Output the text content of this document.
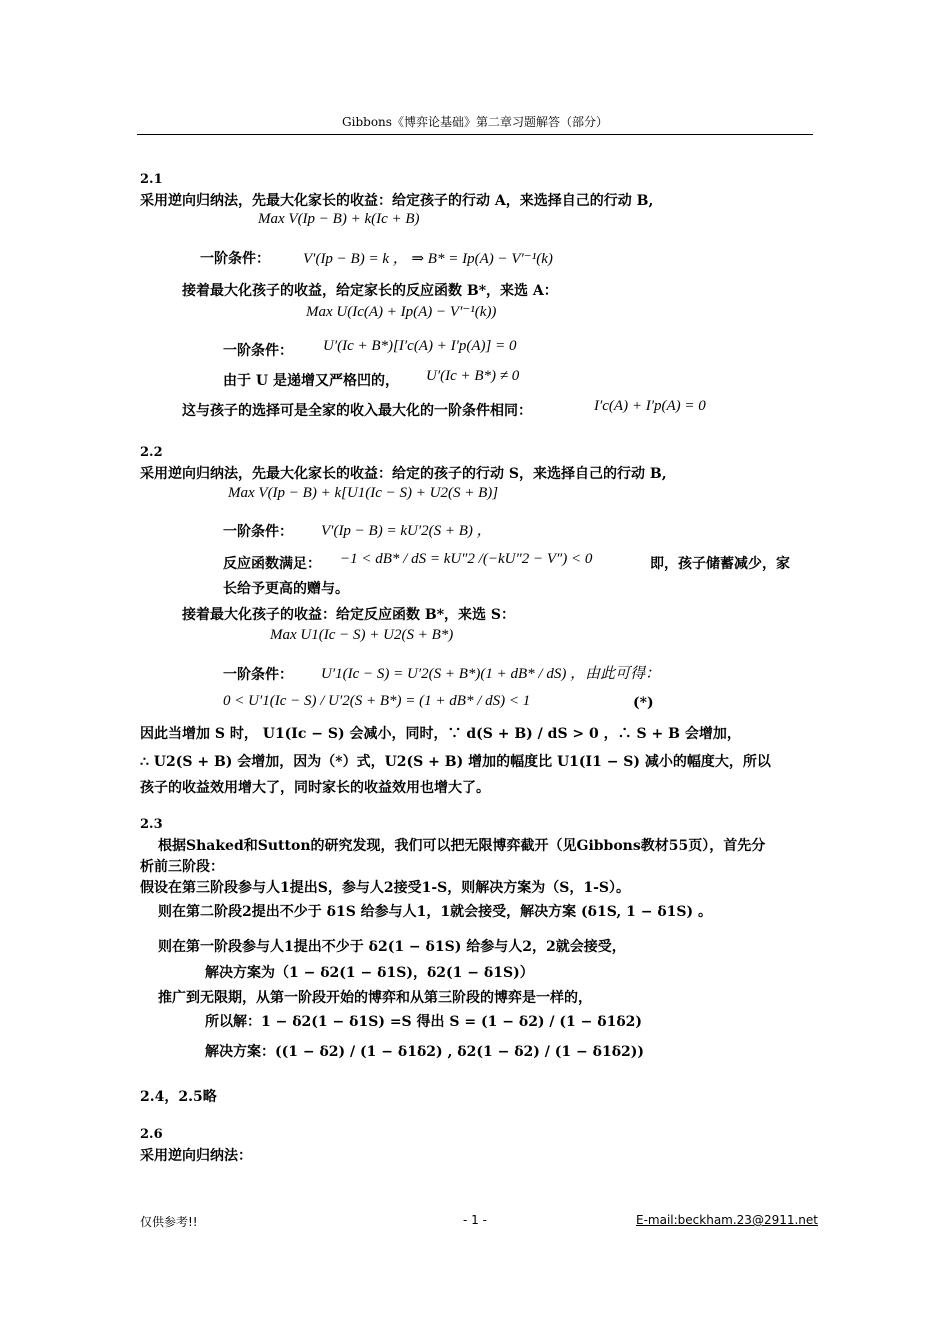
Gibbons《博弈论基础》第二章习题解答（部分）
2.1
采用逆向归纳法，先最大化家长的收益：给定孩子的行动 A，来选择自己的行动 B,
Max V(Ip − B) + k(Ic + B)
一阶条件： V′(Ip − B) = k ， ⇒ B* = Ip(A) − V′⁻¹(k)
接着最大化孩子的收益，给定家长的反应函数 B*，来选 A：
Max U(Ic(A) + Ip(A) − V′⁻¹(k))
一阶条件： U′(Ic + B*)[I′c(A) + I′p(A)] = 0
由于 U 是递增又严格凹的， U′(Ic + B*) ≠ 0
这与孩子的选择可是全家的收入最大化的一阶条件相同：	I′c(A) + I′p(A) = 0
2.2
采用逆向归纳法，先最大化家长的收益：给定的孩子的行动 S，来选择自己的行动 B,
Max V(Ip − B) + k[U1(Ic − S) + U2(S + B)]
一阶条件： V′(Ip − B) = kU′2(S + B) ，
反应函数满足： −1 < dB* / dS = kU″2 /(−kU″2 − V″) < 0	即，孩子储蓄减少，家
长给予更高的赠与。
接着最大化孩子的收益：给定反应函数 B*，来选 S：
Max U1(Ic − S) + U2(S + B*)
一阶条件： U′1(Ic − S) = U′2(S + B*)(1 + dB* / dS) ，由此可得：
0 < U′1(Ic − S) / U′2(S + B*) = (1 + dB* / dS) < 1	(*)
因此当增加 S 时， U1(Ic − S) 会减小，同时，∵ d(S + B) / dS > 0 ，∴ S + B 会增加，
∴ U2(S + B) 会增加，因为（*）式，U2(S + B) 增加的幅度比 U1(I1 − S) 减小的幅度大，所以
孩子的收益效用增大了，同时家长的收益效用也增大了。
2.3
根据Shaked和Sutton的研究发现，我们可以把无限博弈截开（见Gibbons教材55页），首先分
析前三阶段：
假设在第三阶段参与人1提出S，参与人2接受1-S，则解决方案为（S，1-S）。
则在第二阶段2提出不少于 δ1S 给参与人1，1就会接受，解决方案 (δ1S, 1 − δ1S) 。
则在第一阶段参与人1提出不少于 δ2(1 − δ1S) 给参与人2，2就会接受，
解决方案为（1 − δ2(1 − δ1S)，δ2(1 − δ1S)）
推广到无限期，从第一阶段开始的博弈和从第三阶段的博弈是一样的，
所以解：1 − δ2(1 − δ1S) =S 得出 S = (1 − δ2) / (1 − δ1δ2)
解决方案：((1 − δ2) / (1 − δ1δ2) , δ2(1 − δ2) / (1 − δ1δ2))
2.4，2.5略
2.6
采用逆向归纳法：
仅供参考!!	- 1 -	E-mail:beckham.23@2911.net
